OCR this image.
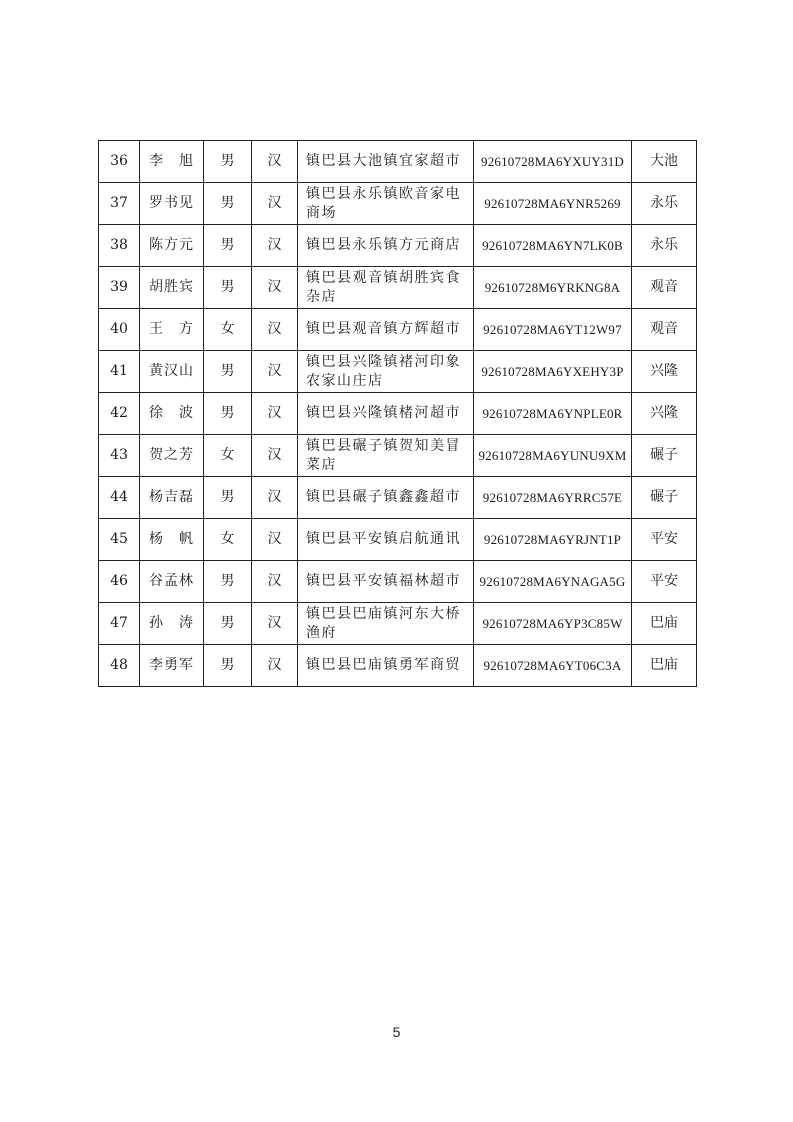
36	李　旭	男	汉	镇巴县大池镇宜家超市	92610728MA6YXUY31D	大池
37	罗书见	男	汉	镇巴县永乐镇欧音家电商场	92610728MA6YNR5269	永乐
38	陈方元	男	汉	镇巴县永乐镇方元商店	92610728MA6YN7LK0B	永乐
39	胡胜宾	男	汉	镇巴县观音镇胡胜宾食杂店	92610728M6YRKNG8A	观音
40	王　方	女	汉	镇巴县观音镇方辉超市	92610728MA6YT12W97	观音
41	黄汉山	男	汉	镇巴县兴隆镇褚河印象农家山庄店	92610728MA6YXEHY3P	兴隆
42	徐　波	男	汉	镇巴县兴隆镇楮河超市	92610728MA6YNPLE0R	兴隆
43	贺之芳	女	汉	镇巴县碾子镇贺知美冒菜店	92610728MA6YUNU9XM	碾子
44	杨吉磊	男	汉	镇巴县碾子镇鑫鑫超市	92610728MA6YRRC57E	碾子
45	杨　帆	女	汉	镇巴县平安镇启航通讯	92610728MA6YRJNT1P	平安
46	谷孟林	男	汉	镇巴县平安镇福林超市	92610728MA6YNAGA5G	平安
47	孙　涛	男	汉	镇巴县巴庙镇河东大桥渔府	92610728MA6YP3C85W	巴庙
48	李勇军	男	汉	镇巴县巴庙镇勇军商贸	92610728MA6YT06C3A	巴庙
5
